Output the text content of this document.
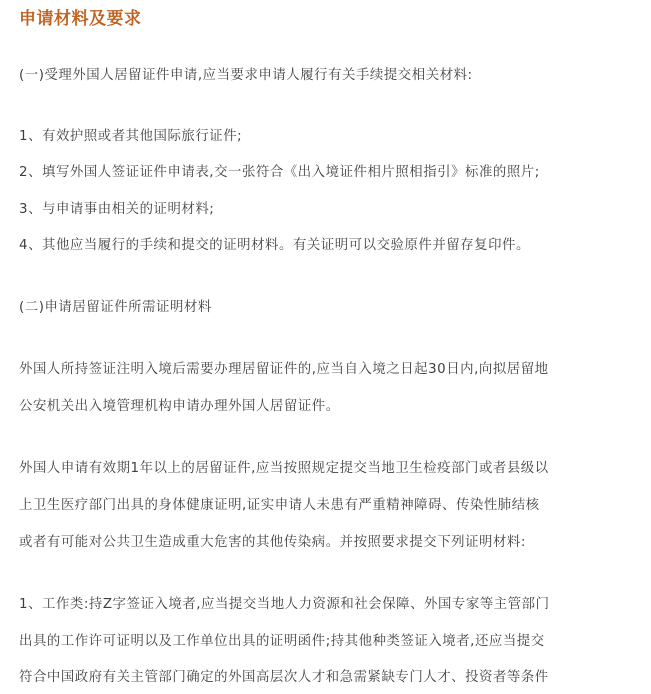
申请材料及要求
(一)受理外国人居留证件申请,应当要求申请人履行有关手续提交相关材料:
1、有效护照或者其他国际旅行证件;
2、填写外国人签证证件申请表,交一张符合《出入境证件相片照相指引》标准的照片;
3、与申请事由相关的证明材料;
4、其他应当履行的手续和提交的证明材料。有关证明可以交验原件并留存复印件。
(二)申请居留证件所需证明材料
外国人所持签证注明入境后需要办理居留证件的,应当自入境之日起30日内,向拟居留地
公安机关出入境管理机构申请办理外国人居留证件。
外国人申请有效期1年以上的居留证件,应当按照规定提交当地卫生检疫部门或者县级以
上卫生医疗部门出具的身体健康证明,证实申请人未患有严重精神障碍、传染性肺结核
或者有可能对公共卫生造成重大危害的其他传染病。并按照要求提交下列证明材料:
1、工作类:持Z字签证入境者,应当提交当地人力资源和社会保障、外国专家等主管部门
出具的工作许可证明以及工作单位出具的证明函件;持其他种类签证入境者,还应当提交
符合中国政府有关主管部门确定的外国高层次人才和急需紧缺专门人才、投资者等条件
